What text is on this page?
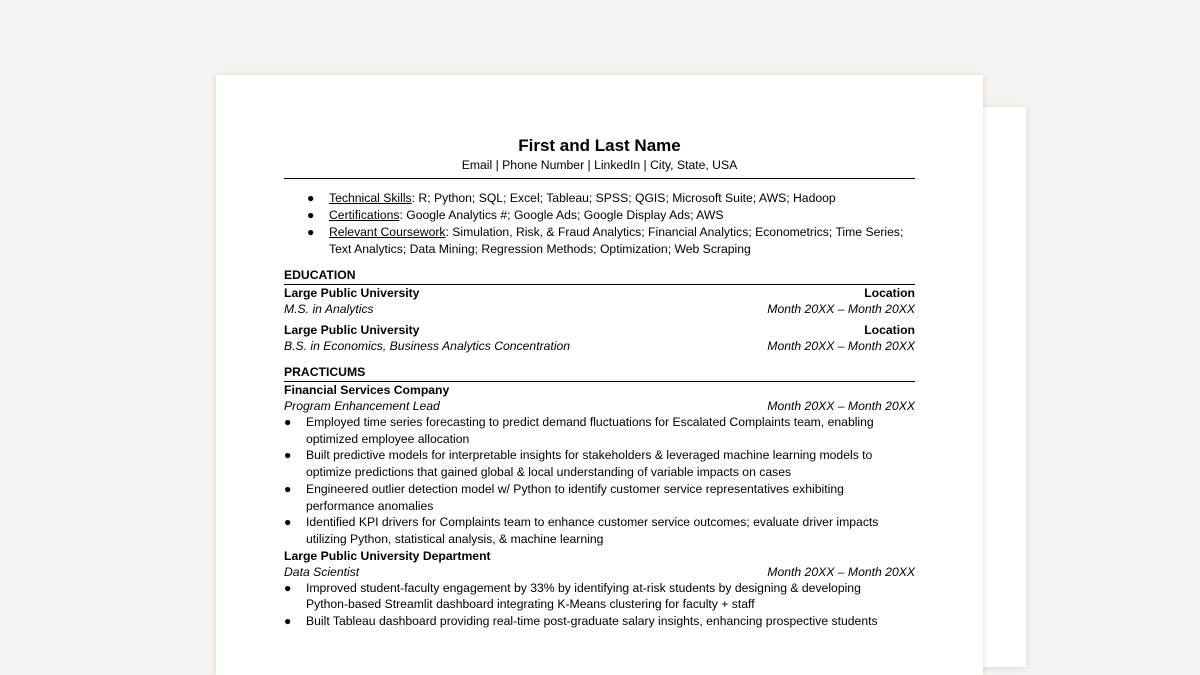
First and Last Name
Email | Phone Number | LinkedIn | City, State, USA
● Technical Skills: R; Python; SQL; Excel; Tableau; SPSS; QGIS; Microsoft Suite; AWS; Hadoop
● Certifications: Google Analytics #; Google Ads; Google Display Ads; AWS
● Relevant Coursework: Simulation, Risk, & Fraud Analytics; Financial Analytics; Econometrics; Time Series; Text Analytics; Data Mining; Regression Methods; Optimization; Web Scraping
EDUCATION
Large Public University	Location
M.S. in Analytics	Month 20XX – Month 20XX
Large Public University	Location
B.S. in Economics, Business Analytics Concentration	Month 20XX – Month 20XX
PRACTICUMS
Financial Services Company
Program Enhancement Lead	Month 20XX – Month 20XX
● Employed time series forecasting to predict demand fluctuations for Escalated Complaints team, enabling optimized employee allocation
● Built predictive models for interpretable insights for stakeholders & leveraged machine learning models to optimize predictions that gained global & local understanding of variable impacts on cases
● Engineered outlier detection model w/ Python to identify customer service representatives exhibiting performance anomalies
● Identified KPI drivers for Complaints team to enhance customer service outcomes; evaluate driver impacts utilizing Python, statistical analysis, & machine learning
Large Public University Department
Data Scientist	Month 20XX – Month 20XX
● Improved student-faculty engagement by 33% by identifying at-risk students by designing & developing Python-based Streamlit dashboard integrating K-Means clustering for faculty + staff
● Built Tableau dashboard providing real-time post-graduate salary insights, enhancing prospective students
